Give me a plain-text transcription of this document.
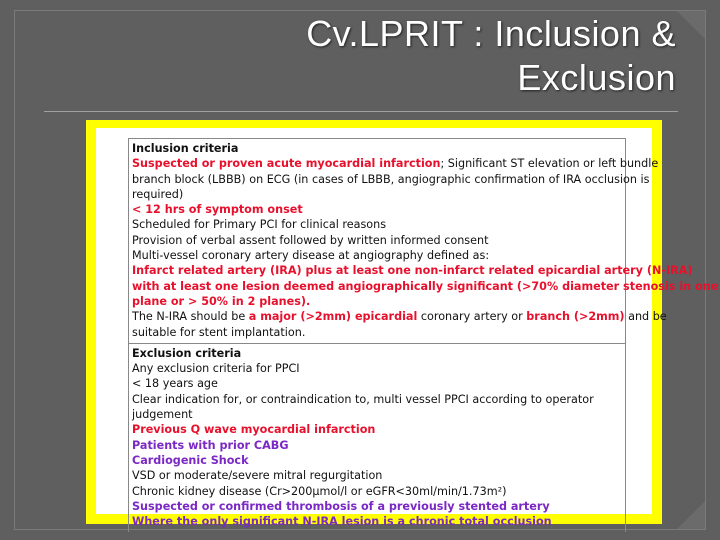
Cv.LPRIT : Inclusion &
Exclusion
Inclusion criteria
Suspected or proven acute myocardial infarction; Significant ST elevation or left bundle
branch block (LBBB) on ECG (in cases of LBBB, angiographic confirmation of IRA occlusion is
required)
< 12 hrs of symptom onset
Scheduled for Primary PCI for clinical reasons
Provision of verbal assent followed by written informed consent
Multi-vessel coronary artery disease at angiography defined as:
Infarct related artery (IRA) plus at least one non-infarct related epicardial artery (N-IRA)
with at least one lesion deemed angiographically significant (>70% diameter stenosis in one
plane or > 50% in 2 planes).
The N-IRA should be a major (>2mm) epicardial coronary artery or branch (>2mm) and be
suitable for stent implantation.
Exclusion criteria
Any exclusion criteria for PPCI
< 18 years age
Clear indication for, or contraindication to, multi vessel PPCI according to operator
judgement
Previous Q wave myocardial infarction
Patients with prior CABG
Cardiogenic Shock
VSD or moderate/severe mitral regurgitation
Chronic kidney disease (Cr>200μmol/l or eGFR<30ml/min/1.73m²)
Suspected or confirmed thrombosis of a previously stented artery
Where the only significant N-IRA lesion is a chronic total occlusion
